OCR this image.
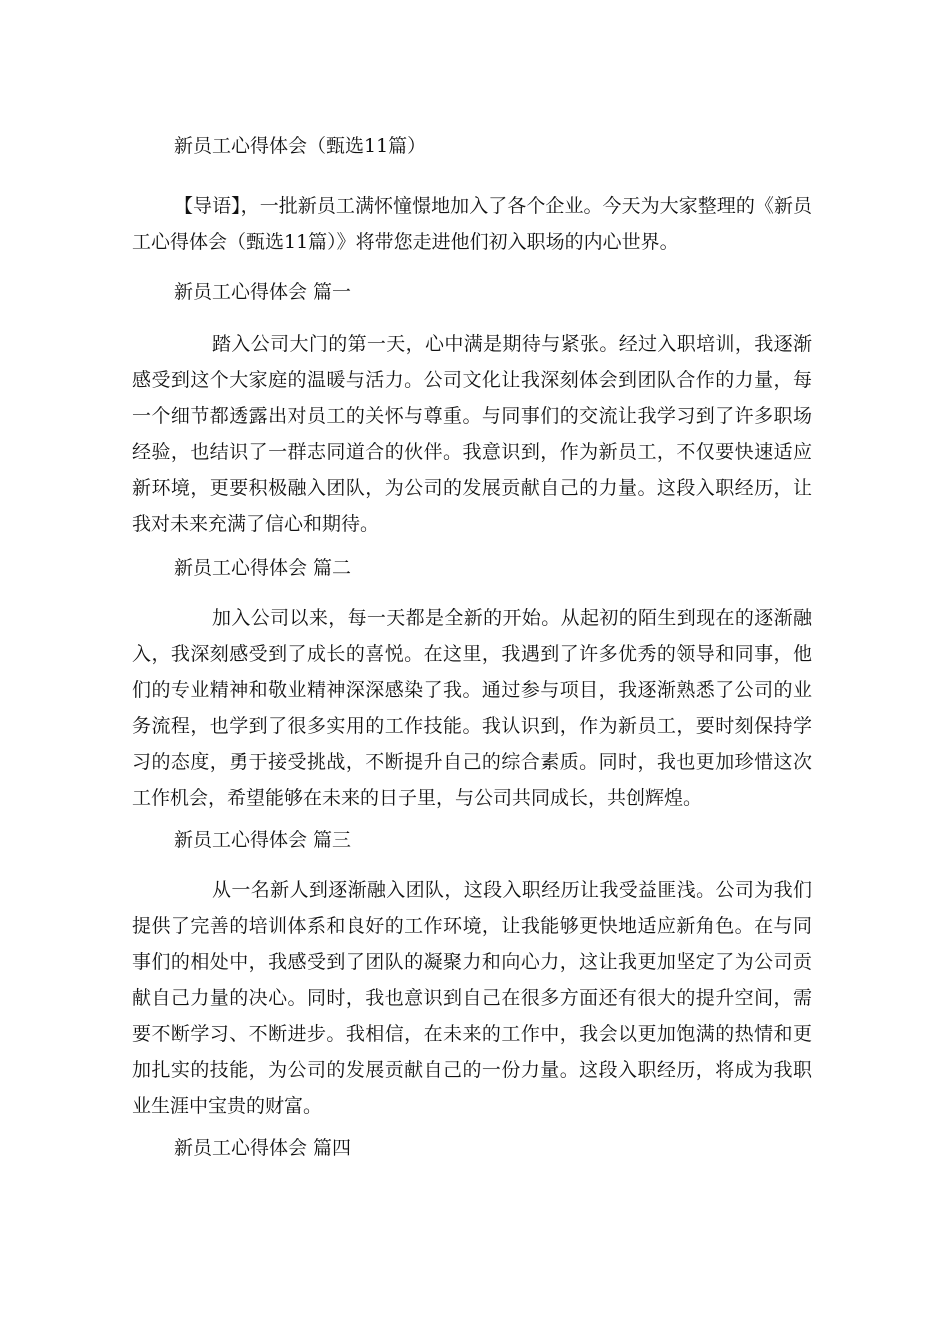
新员工心得体会（甄选11篇）

【导语】，一批新员工满怀憧憬地加入了各个企业。今天为大家整理的《新员工心得体会（甄选11篇）》将带您走进他们初入职场的内心世界。

新员工心得体会 篇一

踏入公司大门的第一天，心中满是期待与紧张。经过入职培训，我逐渐感受到这个大家庭的温暖与活力。公司文化让我深刻体会到团队合作的力量，每一个细节都透露出对员工的关怀与尊重。与同事们的交流让我学习到了许多职场经验，也结识了一群志同道合的伙伴。我意识到，作为新员工，不仅要快速适应新环境，更要积极融入团队，为公司的发展贡献自己的力量。这段入职经历，让我对未来充满了信心和期待。

新员工心得体会 篇二

加入公司以来，每一天都是全新的开始。从起初的陌生到现在的逐渐融入，我深刻感受到了成长的喜悦。在这里，我遇到了许多优秀的领导和同事，他们的专业精神和敬业精神深深感染了我。通过参与项目，我逐渐熟悉了公司的业务流程，也学到了很多实用的工作技能。我认识到，作为新员工，要时刻保持学习的态度，勇于接受挑战，不断提升自己的综合素质。同时，我也更加珍惜这次工作机会，希望能够在未来的日子里，与公司共同成长，共创辉煌。

新员工心得体会 篇三

从一名新人到逐渐融入团队，这段入职经历让我受益匪浅。公司为我们提供了完善的培训体系和良好的工作环境，让我能够更快地适应新角色。在与同事们的相处中，我感受到了团队的凝聚力和向心力，这让我更加坚定了为公司贡献自己力量的决心。同时，我也意识到自己在很多方面还有很大的提升空间，需要不断学习、不断进步。我相信，在未来的工作中，我会以更加饱满的热情和更加扎实的技能，为公司的发展贡献自己的一份力量。这段入职经历，将成为我职业生涯中宝贵的财富。

新员工心得体会 篇四
